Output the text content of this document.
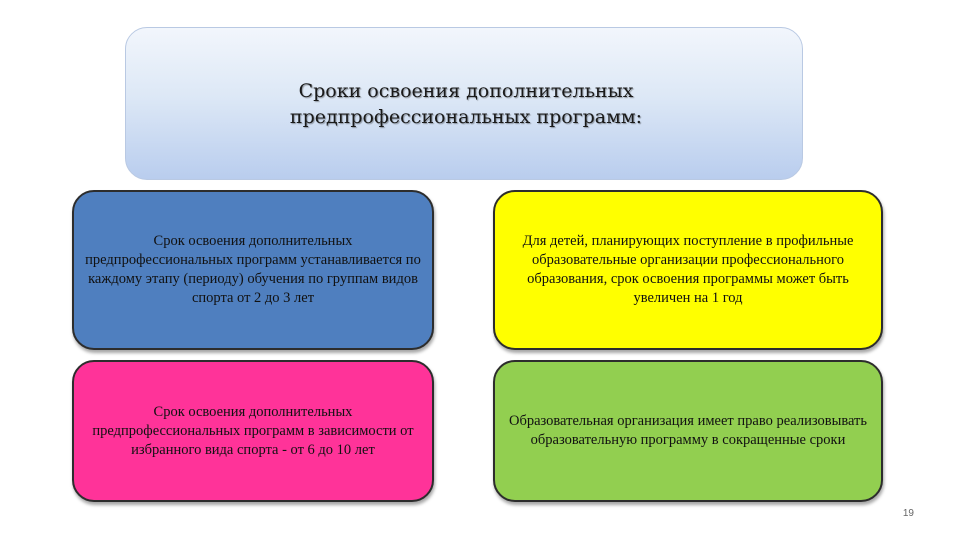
Сроки освоения дополнительных предпрофессиональных программ:

Срок освоения дополнительных предпрофессиональных программ устанавливается по каждому этапу (периоду) обучения по группам видов спорта от 2 до 3 лет
Для детей, планирующих поступление в профильные образовательные организации профессионального образования, срок освоения программы может быть увеличен на 1 год
Срок освоения дополнительных предпрофессиональных программ в зависимости от избранного вида спорта - от 6 до 10 лет
Образовательная организация имеет право реализовывать образовательную программу в сокращенные сроки
19
